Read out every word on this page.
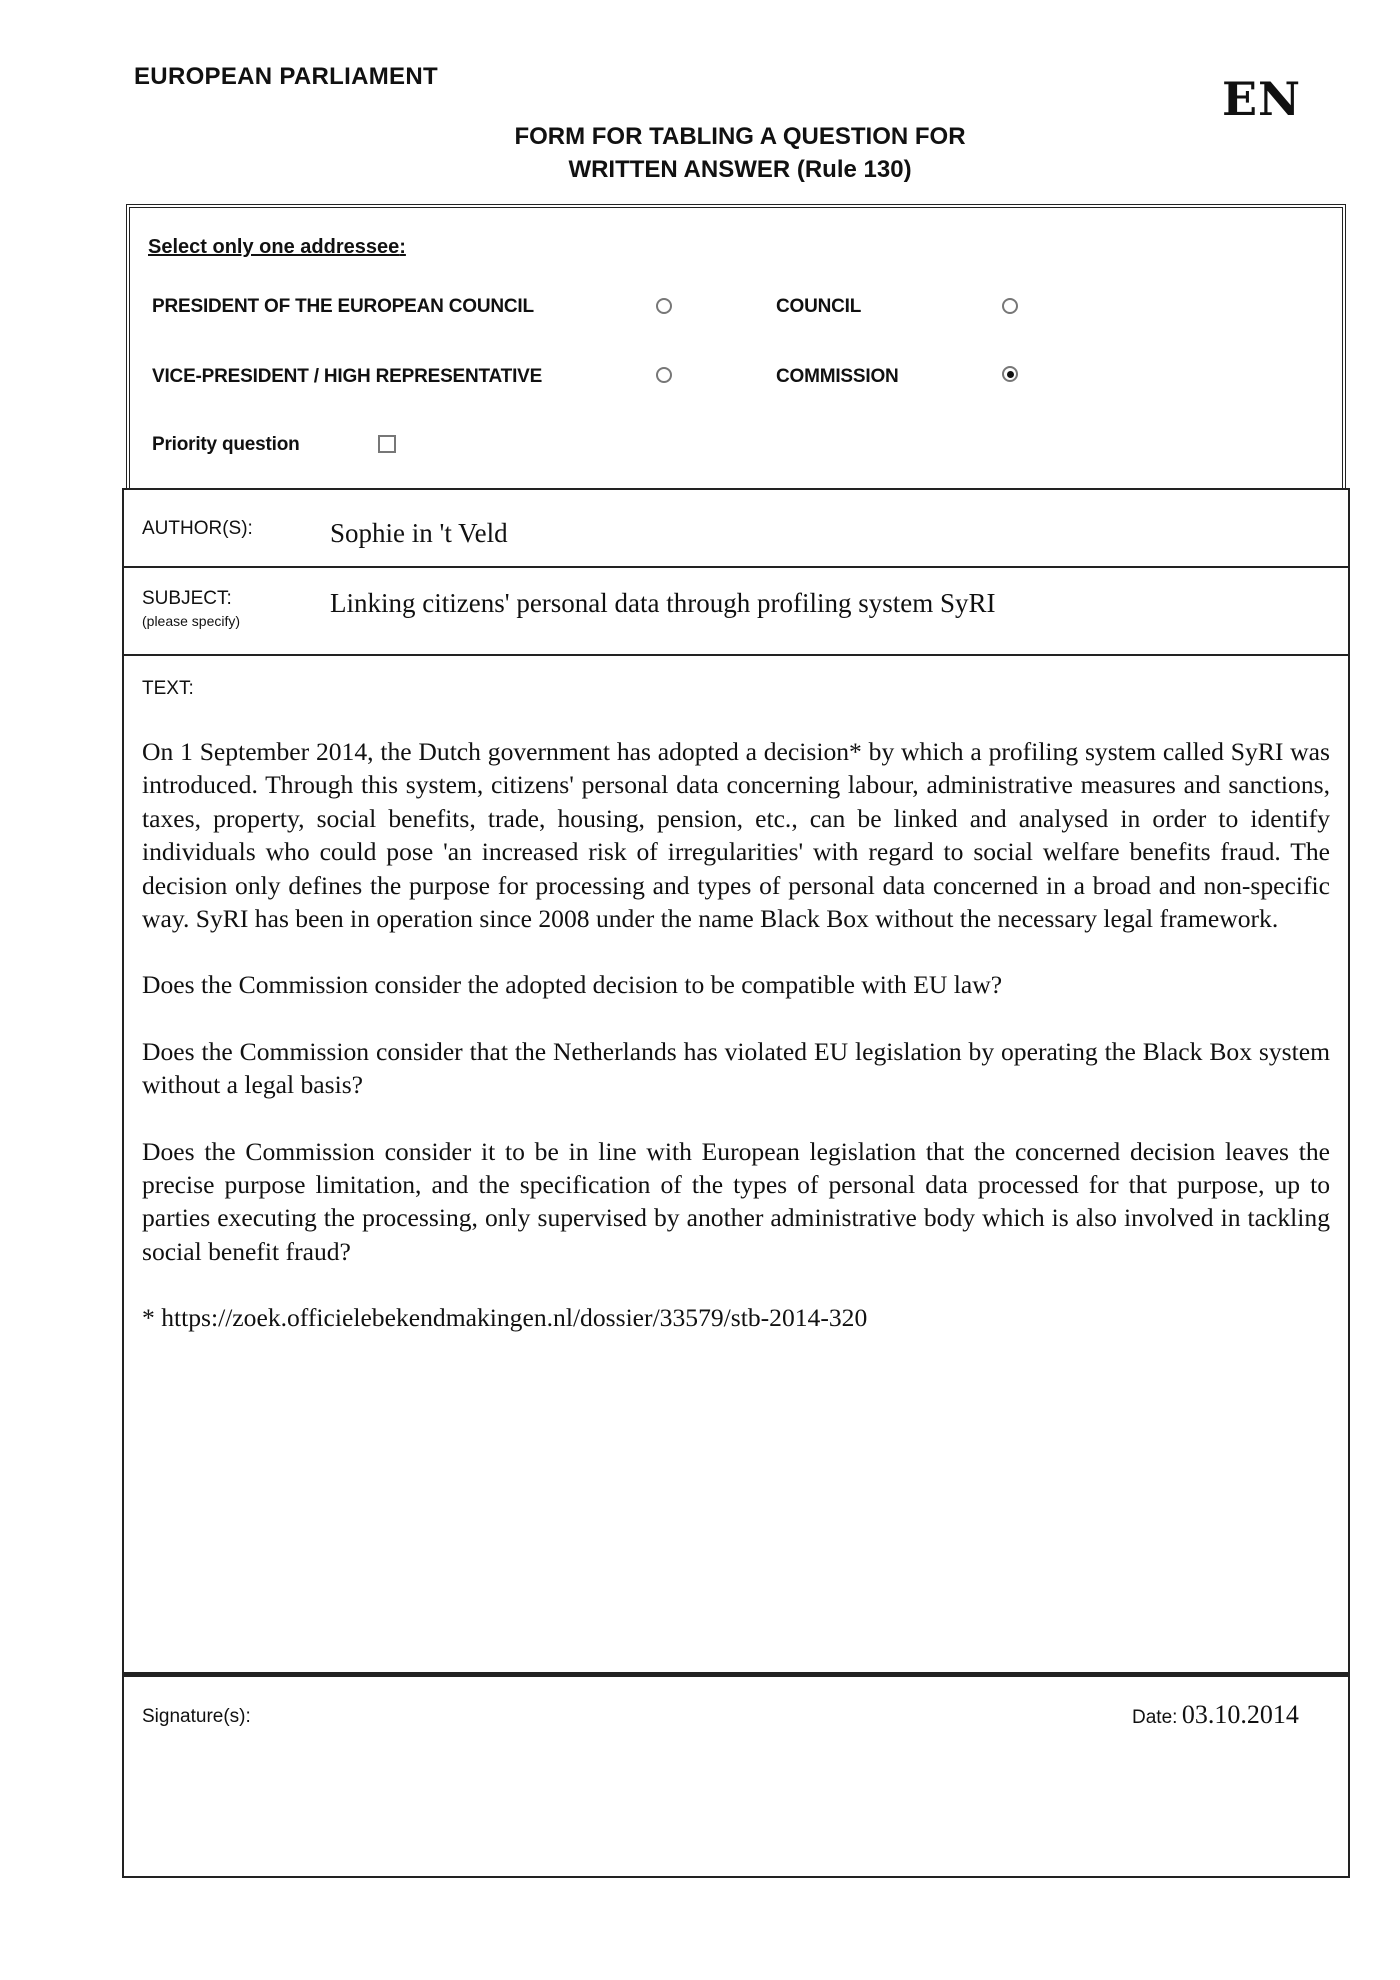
EUROPEAN PARLIAMENT	EN
FORM FOR TABLING A QUESTION FOR
WRITTEN ANSWER (Rule 130)
Select only one addressee:
PRESIDENT OF THE EUROPEAN COUNCIL	COUNCIL
VICE-PRESIDENT / HIGH REPRESENTATIVE	COMMISSION
Priority question
AUTHOR(S):	Sophie in 't Veld
SUBJECT:
(please specify)
Linking citizens' personal data through profiling system SyRI
TEXT:

On 1 September 2014, the Dutch government has adopted a decision* by which a profiling system called SyRI was introduced. Through this system, citizens' personal data concerning labour, administrative measures and sanctions, taxes, property, social benefits, trade, housing, pension, etc., can be linked and analysed in order to identify individuals who could pose 'an increased risk of irregularities' with regard to social welfare benefits fraud. The decision only defines the purpose for processing and types of personal data concerned in a broad and non-specific way. SyRI has been in operation since 2008 under the name Black Box without the necessary legal framework.

Does the Commission consider the adopted decision to be compatible with EU law?

Does the Commission consider that the Netherlands has violated EU legislation by operating the Black Box system without a legal basis?

Does the Commission consider it to be in line with European legislation that the concerned decision leaves the precise purpose limitation, and the specification of the types of personal data processed for that purpose, up to parties executing the processing, only supervised by another administrative body which is also involved in tackling social benefit fraud?

* https://zoek.officielebekendmakingen.nl/dossier/33579/stb-2014-320

Signature(s):	Date: 03.10.2014
